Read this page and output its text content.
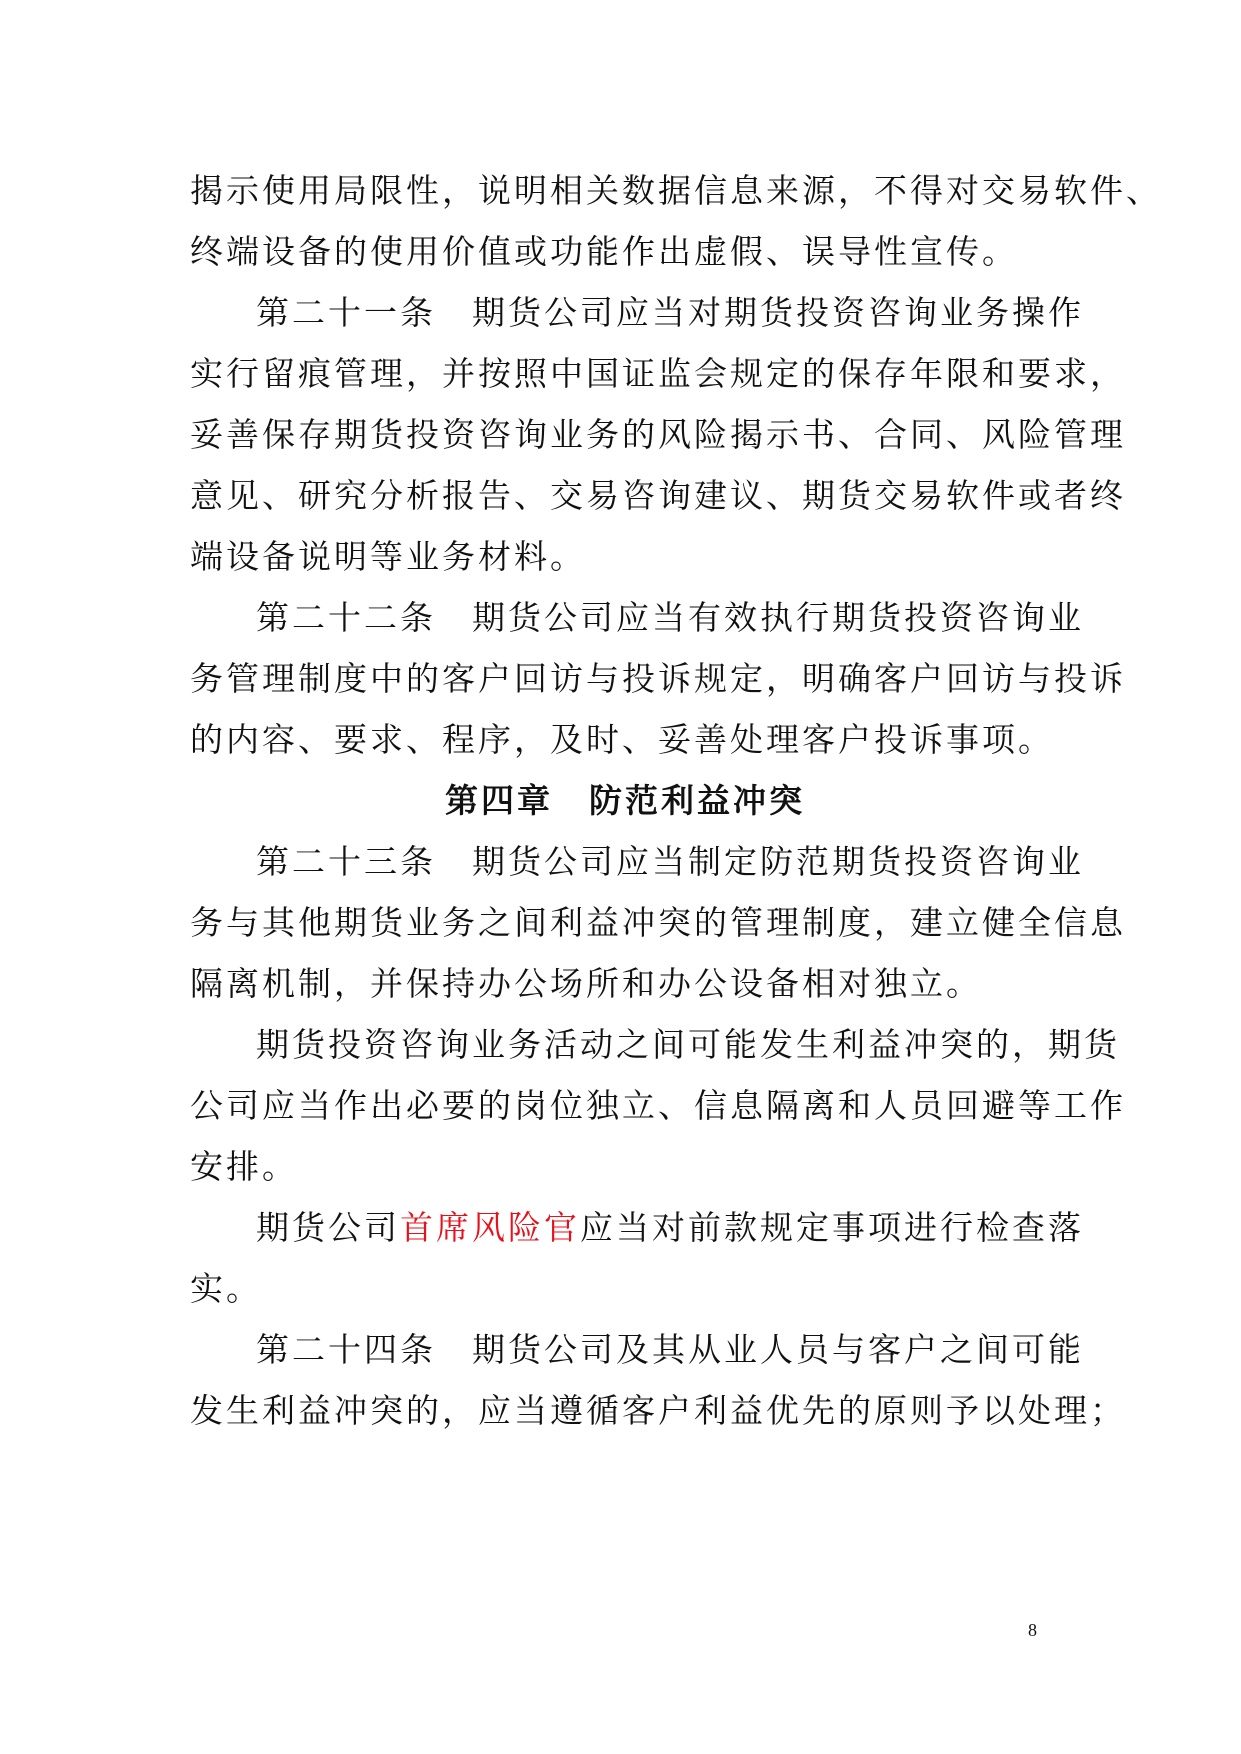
揭示使用局限性，说明相关数据信息来源，不得对交易软件、
终端设备的使用价值或功能作出虚假、误导性宣传。
第二十一条　期货公司应当对期货投资咨询业务操作
实行留痕管理，并按照中国证监会规定的保存年限和要求，
妥善保存期货投资咨询业务的风险揭示书、合同、风险管理
意见、研究分析报告、交易咨询建议、期货交易软件或者终
端设备说明等业务材料。
第二十二条　期货公司应当有效执行期货投资咨询业
务管理制度中的客户回访与投诉规定，明确客户回访与投诉
的内容、要求、程序，及时、妥善处理客户投诉事项。
第四章　防范利益冲突
第二十三条　期货公司应当制定防范期货投资咨询业
务与其他期货业务之间利益冲突的管理制度，建立健全信息
隔离机制，并保持办公场所和办公设备相对独立。
期货投资咨询业务活动之间可能发生利益冲突的，期货
公司应当作出必要的岗位独立、信息隔离和人员回避等工作
安排。
期货公司首席风险官应当对前款规定事项进行检查落
实。
第二十四条　期货公司及其从业人员与客户之间可能
发生利益冲突的，应当遵循客户利益优先的原则予以处理；
8
